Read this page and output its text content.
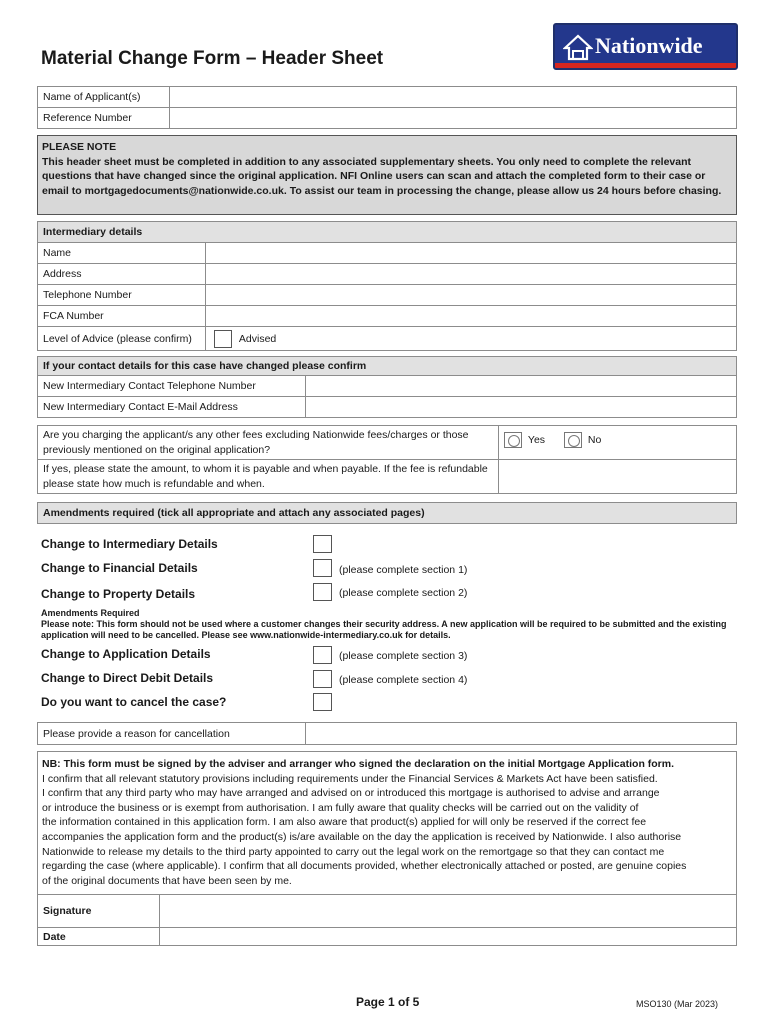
Material Change Form – Header Sheet
Nationwide
Name of Applicant(s)	
Reference Number	
PLEASE NOTE
This header sheet must be completed in addition to any associated supplementary sheets. You only need to complete the relevant questions that have changed since the original application. NFI Online users can scan and attach the completed form to their case or email to mortgagedocuments@nationwide.co.uk. To assist our team in processing the change, please allow us 24 hours before chasing.
Intermediary details	
Name	
Address	
Telephone Number	
FCA Number	
Level of Advice (please confirm)	Advised
If your contact details for this case have changed please confirm	
New Intermediary Contact Telephone Number	
New Intermediary Contact E-Mail Address	
Are you charging the applicant/s any other fees excluding Nationwide fees/charges or those previously mentioned on the original application?	Yes No
If yes, please state the amount, to whom it is payable and when payable. If the fee is refundable please state how much is refundable and when.	
Amendments required (tick all appropriate and attach any associated pages)
Change to Intermediary Details
Change to Financial Details	(please complete section 1)
Change to Property Details	(please complete section 2)
Amendments Required
Please note: This form should not be used where a customer changes their security address. A new application will be required to be submitted and the existing application will need to be cancelled. Please see www.nationwide-intermediary.co.uk for details.
Change to Application Details	(please complete section 3)
Change to Direct Debit Details	(please complete section 4)
Do you want to cancel the case?
Please provide a reason for cancellation	
NB: This form must be signed by the adviser and arranger who signed the declaration on the initial Mortgage Application form.
I confirm that all relevant statutory provisions including requirements under the Financial Services & Markets Act have been satisfied.
I confirm that any third party who may have arranged and advised on or introduced this mortgage is authorised to advise and arrange
or introduce the business or is exempt from authorisation. I am fully aware that quality checks will be carried out on the validity of
the information contained in this application form. I am also aware that product(s) applied for will only be reserved if the correct fee
accompanies the application form and the product(s) is/are available on the day the application is received by Nationwide. I also authorise
Nationwide to release my details to the third party appointed to carry out the legal work on the remortgage so that they can contact me
regarding the case (where applicable). I confirm that all documents provided, whether electronically attached or posted, are genuine copies
of the original documents that have been seen by me.
Signature	
Date	
Page 1 of 5	MSO130 (Mar 2023)
